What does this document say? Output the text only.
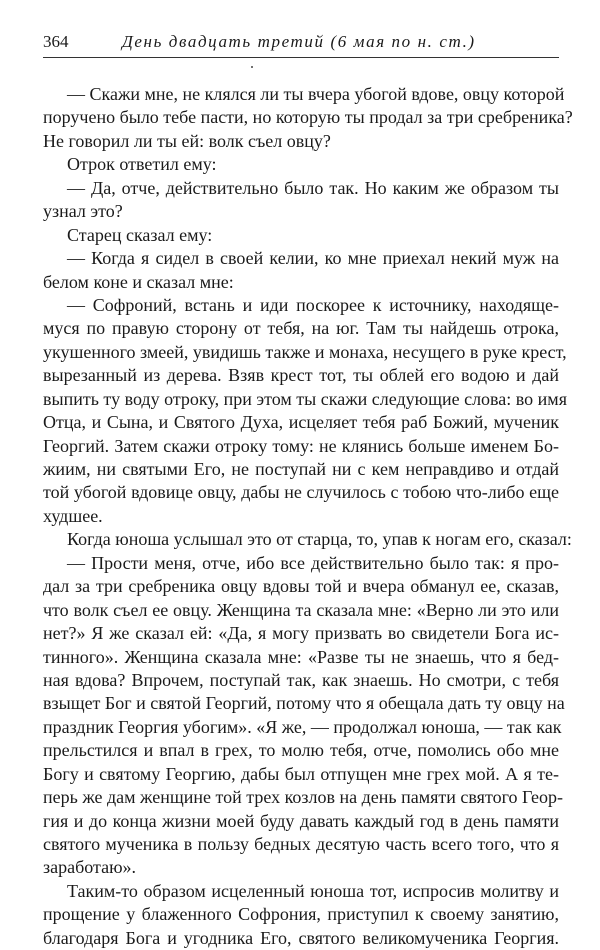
364	День двадцать третий (6 мая по н. ст.)
— Скажи мне, не клялся ли ты вчера убогой вдове, овцу которой
поручено было тебе пасти, но которую ты продал за три сребреника?
Не говорил ли ты ей: волк съел овцу?
Отрок ответил ему:
— Да, отче, действительно было так. Но каким же образом ты
узнал это?
Старец сказал ему:
— Когда я сидел в своей келии, ко мне приехал некий муж на
белом коне и сказал мне:
— Софроний, встань и иди поскорее к источнику, находяще-
муся по правую сторону от тебя, на юг. Там ты найдешь отрока,
укушенного змеей, увидишь также и монаха, несущего в руке крест,
вырезанный из дерева. Взяв крест тот, ты облей его водою и дай
выпить ту воду отроку, при этом ты скажи следующие слова: во имя
Отца, и Сына, и Святого Духа, исцеляет тебя раб Божий, мученик
Георгий. Затем скажи отроку тому: не клянись больше именем Бо-
жиим, ни святыми Его, не поступай ни с кем неправдиво и отдай
той убогой вдовице овцу, дабы не случилось с тобою что-либо еще
худшее.
Когда юноша услышал это от старца, то, упав к ногам его, сказал:
— Прости меня, отче, ибо все действительно было так: я про-
дал за три сребреника овцу вдовы той и вчера обманул ее, сказав,
что волк съел ее овцу. Женщина та сказала мне: «Верно ли это или
нет?» Я же сказал ей: «Да, я могу призвать во свидетели Бога ис-
тинного». Женщина сказала мне: «Разве ты не знаешь, что я бед-
ная вдова? Впрочем, поступай так, как знаешь. Но смотри, с тебя
взыщет Бог и святой Георгий, потому что я обещала дать ту овцу на
праздник Георгия убогим». «Я же, — продолжал юноша, — так как
прельстился и впал в грех, то молю тебя, отче, помолись обо мне
Богу и святому Георгию, дабы был отпущен мне грех мой. А я те-
перь же дам женщине той трех козлов на день памяти святого Геор-
гия и до конца жизни моей буду давать каждый год в день памяти
святого мученика в пользу бедных десятую часть всего того, что я
заработаю».
Таким-то образом исцеленный юноша тот, испросив молитву и
прощение у блаженного Софрония, приступил к своему занятию,
благодаря Бога и угодника Его, святого великомученика Георгия.
